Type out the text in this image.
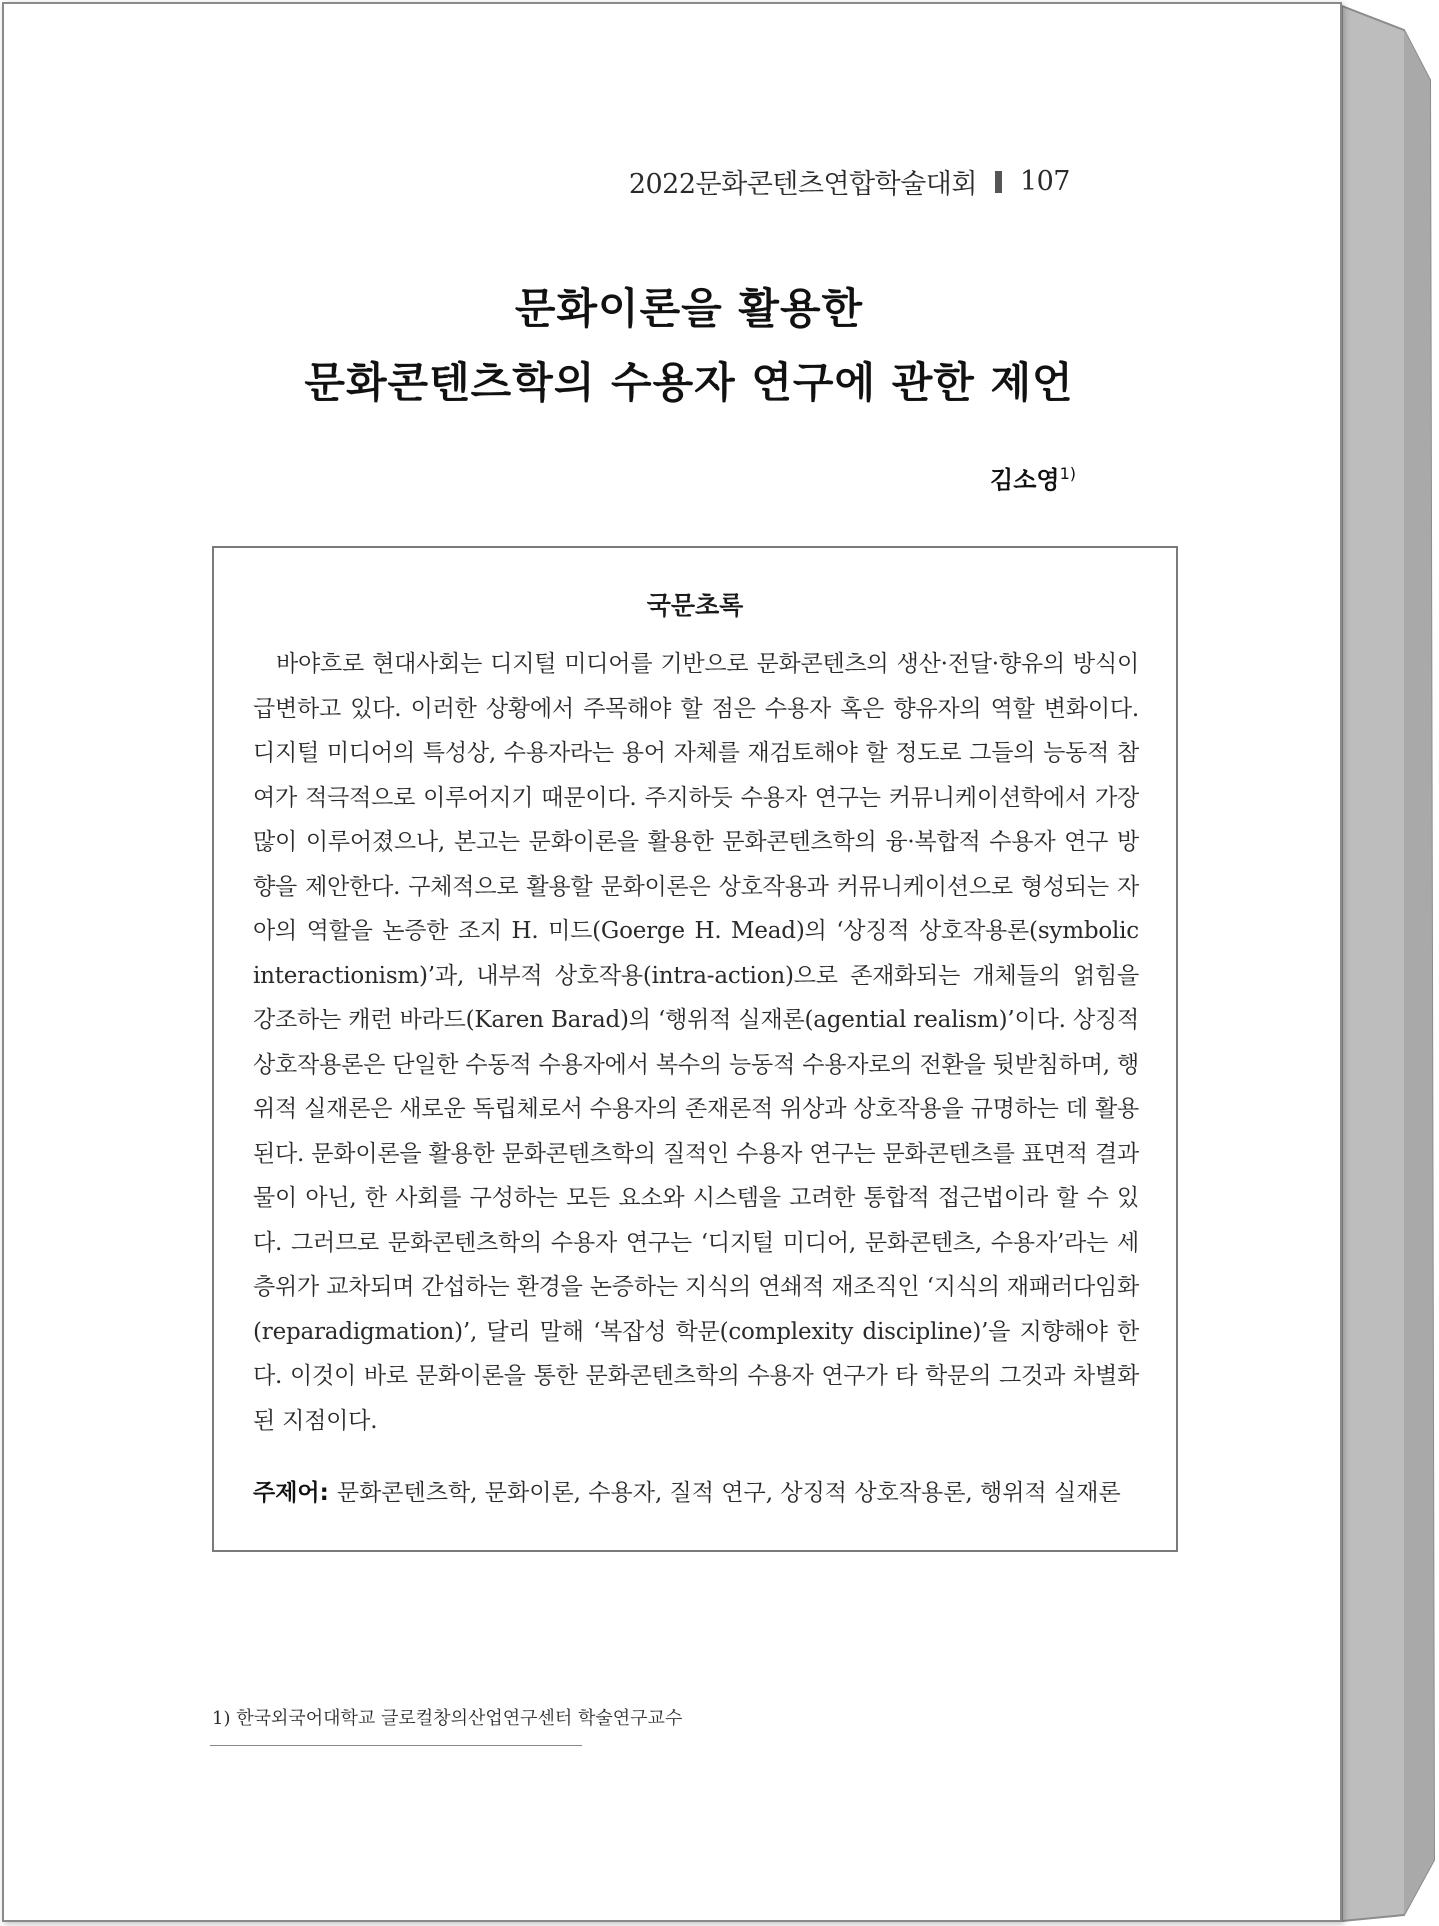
2022문화콘텐츠연합학술대회 107
문화이론을 활용한
문화콘텐츠학의 수용자 연구에 관한 제언
김소영$^{1)}$
국문초록

바야흐로 현대사회는 디지털 미디어를 기반으로 문화콘텐츠의 생산·전달·향유의 방식이 급변하고 있다. 이러한 상황에서 주목해야 할 점은 수용자 혹은 향유자의 역할 변화이다. 디지털 미디어의 특성상, 수용자라는 용어 자체를 재검토해야 할 정도로 그들의 능동적 참여가 적극적으로 이루어지기 때문이다. 주지하듯 수용자 연구는 커뮤니케이션학에서 가장 많이 이루어졌으나, 본고는 문화이론을 활용한 문화콘텐츠학의 융·복합적 수용자 연구 방향을 제안한다. 구체적으로 활용할 문화이론은 상호작용과 커뮤니케이션으로 형성되는 자아의 역할을 논증한 조지 H. 미드(Goerge H. Mead)의 ‘상징적 상호작용론(symbolic interactionism)’과, 내부적 상호작용(intra-action)으로 존재화되는 개체들의 얽힘을 강조하는 캐런 바라드(Karen Barad)의 ‘행위적 실재론(agential realism)’이다. 상징적 상호작용론은 단일한 수동적 수용자에서 복수의 능동적 수용자로의 전환을 뒷받침하며, 행위적 실재론은 새로운 독립체로서 수용자의 존재론적 위상과 상호작용을 규명하는 데 활용된다. 문화이론을 활용한 문화콘텐츠학의 질적인 수용자 연구는 문화콘텐츠를 표면적 결과물이 아닌, 한 사회를 구성하는 모든 요소와 시스템을 고려한 통합적 접근법이라 할 수 있다. 그러므로 문화콘텐츠학의 수용자 연구는 ‘디지털 미디어, 문화콘텐츠, 수용자’라는 세 층위가 교차되며 간섭하는 환경을 논증하는 지식의 연쇄적 재조직인 ‘지식의 재패러다임화(reparadigmation)’, 달리 말해 ‘복잡성 학문(complexity discipline)’을 지향해야 한다. 이것이 바로 문화이론을 통한 문화콘텐츠학의 수용자 연구가 타 학문의 그것과 차별화된 지점이다.

주제어: 문화콘텐츠학, 문화이론, 수용자, 질적 연구, 상징적 상호작용론, 행위적 실재론
1) 한국외국어대학교 글로컬창의산업연구센터 학술연구교수
